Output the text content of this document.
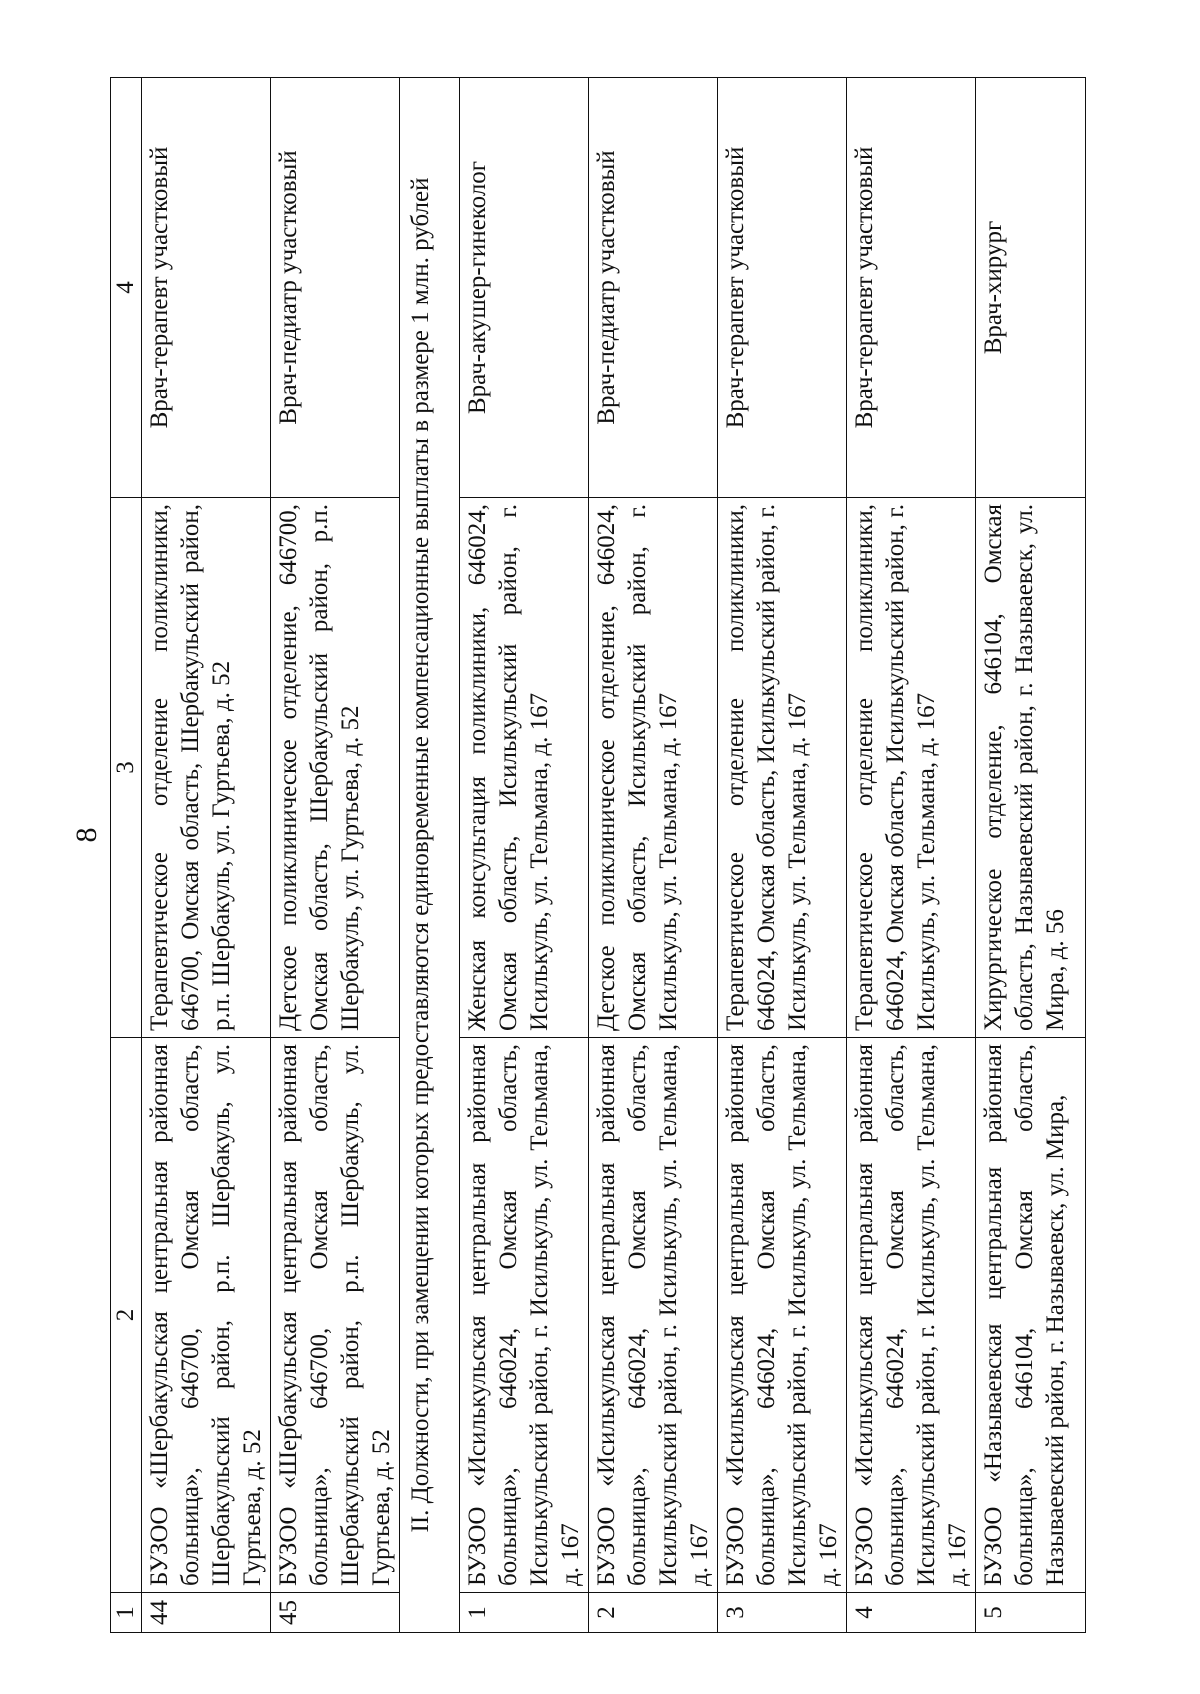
8
1	2	3	4
44	БУЗОО «Шербакульская центральная районная больница», 646700, Омская область, Шербакульский район, р.п. Шербакуль, ул. Гуртьева, д. 52	Терапевтическое отделение поликлиники, 646700, Омская область, Шербакульский район, р.п. Шербакуль, ул. Гуртьева, д. 52	Врач-терапевт участковый
45	БУЗОО «Шербакульская центральная районная больница», 646700, Омская область, Шербакульский район, р.п. Шербакуль, ул. Гуртьева, д. 52	Детское поликлиническое отделение, 646700, Омская область, Шербакульский район, р.п. Шербакуль, ул. Гуртьева, д. 52	Врач-педиатр участковый
II. Должности, при замещении которых предоставляются единовременные компенсационные выплаты в размере 1 млн. рублей			
1	БУЗОО «Исилькульская центральная районная больница», 646024, Омская область, Исилькульский район, г. Исилькуль, ул. Тельмана, д. 167	Женская консультация поликлиники, 646024, Омская область, Исилькульский район, г. Исилькуль, ул. Тельмана, д. 167	Врач-акушер-гинеколог
2	БУЗОО «Исилькульская центральная районная больница», 646024, Омская область, Исилькульский район, г. Исилькуль, ул. Тельмана, д. 167	Детское поликлиническое отделение, 646024, Омская область, Исилькульский район, г. Исилькуль, ул. Тельмана, д. 167	Врач-педиатр участковый
3	БУЗОО «Исилькульская центральная районная больница», 646024, Омская область, Исилькульский район, г. Исилькуль, ул. Тельмана, д. 167	Терапевтическое отделение поликлиники, 646024, Омская область, Исилькульский район, г. Исилькуль, ул. Тельмана, д. 167	Врач-терапевт участковый
4	БУЗОО «Исилькульская центральная районная больница», 646024, Омская область, Исилькульский район, г. Исилькуль, ул. Тельмана, д. 167	Терапевтическое отделение поликлиники, 646024, Омская область, Исилькульский район, г. Исилькуль, ул. Тельмана, д. 167	Врач-терапевт участковый
5	БУЗОО «Называевская центральная районная больница», 646104, Омская область, Называевский район, г. Называевск, ул. Мира,	Хирургическое отделение, 646104, Омская область, Называевский район, г. Называевск, ул. Мира, д. 56	Врач-хирург
